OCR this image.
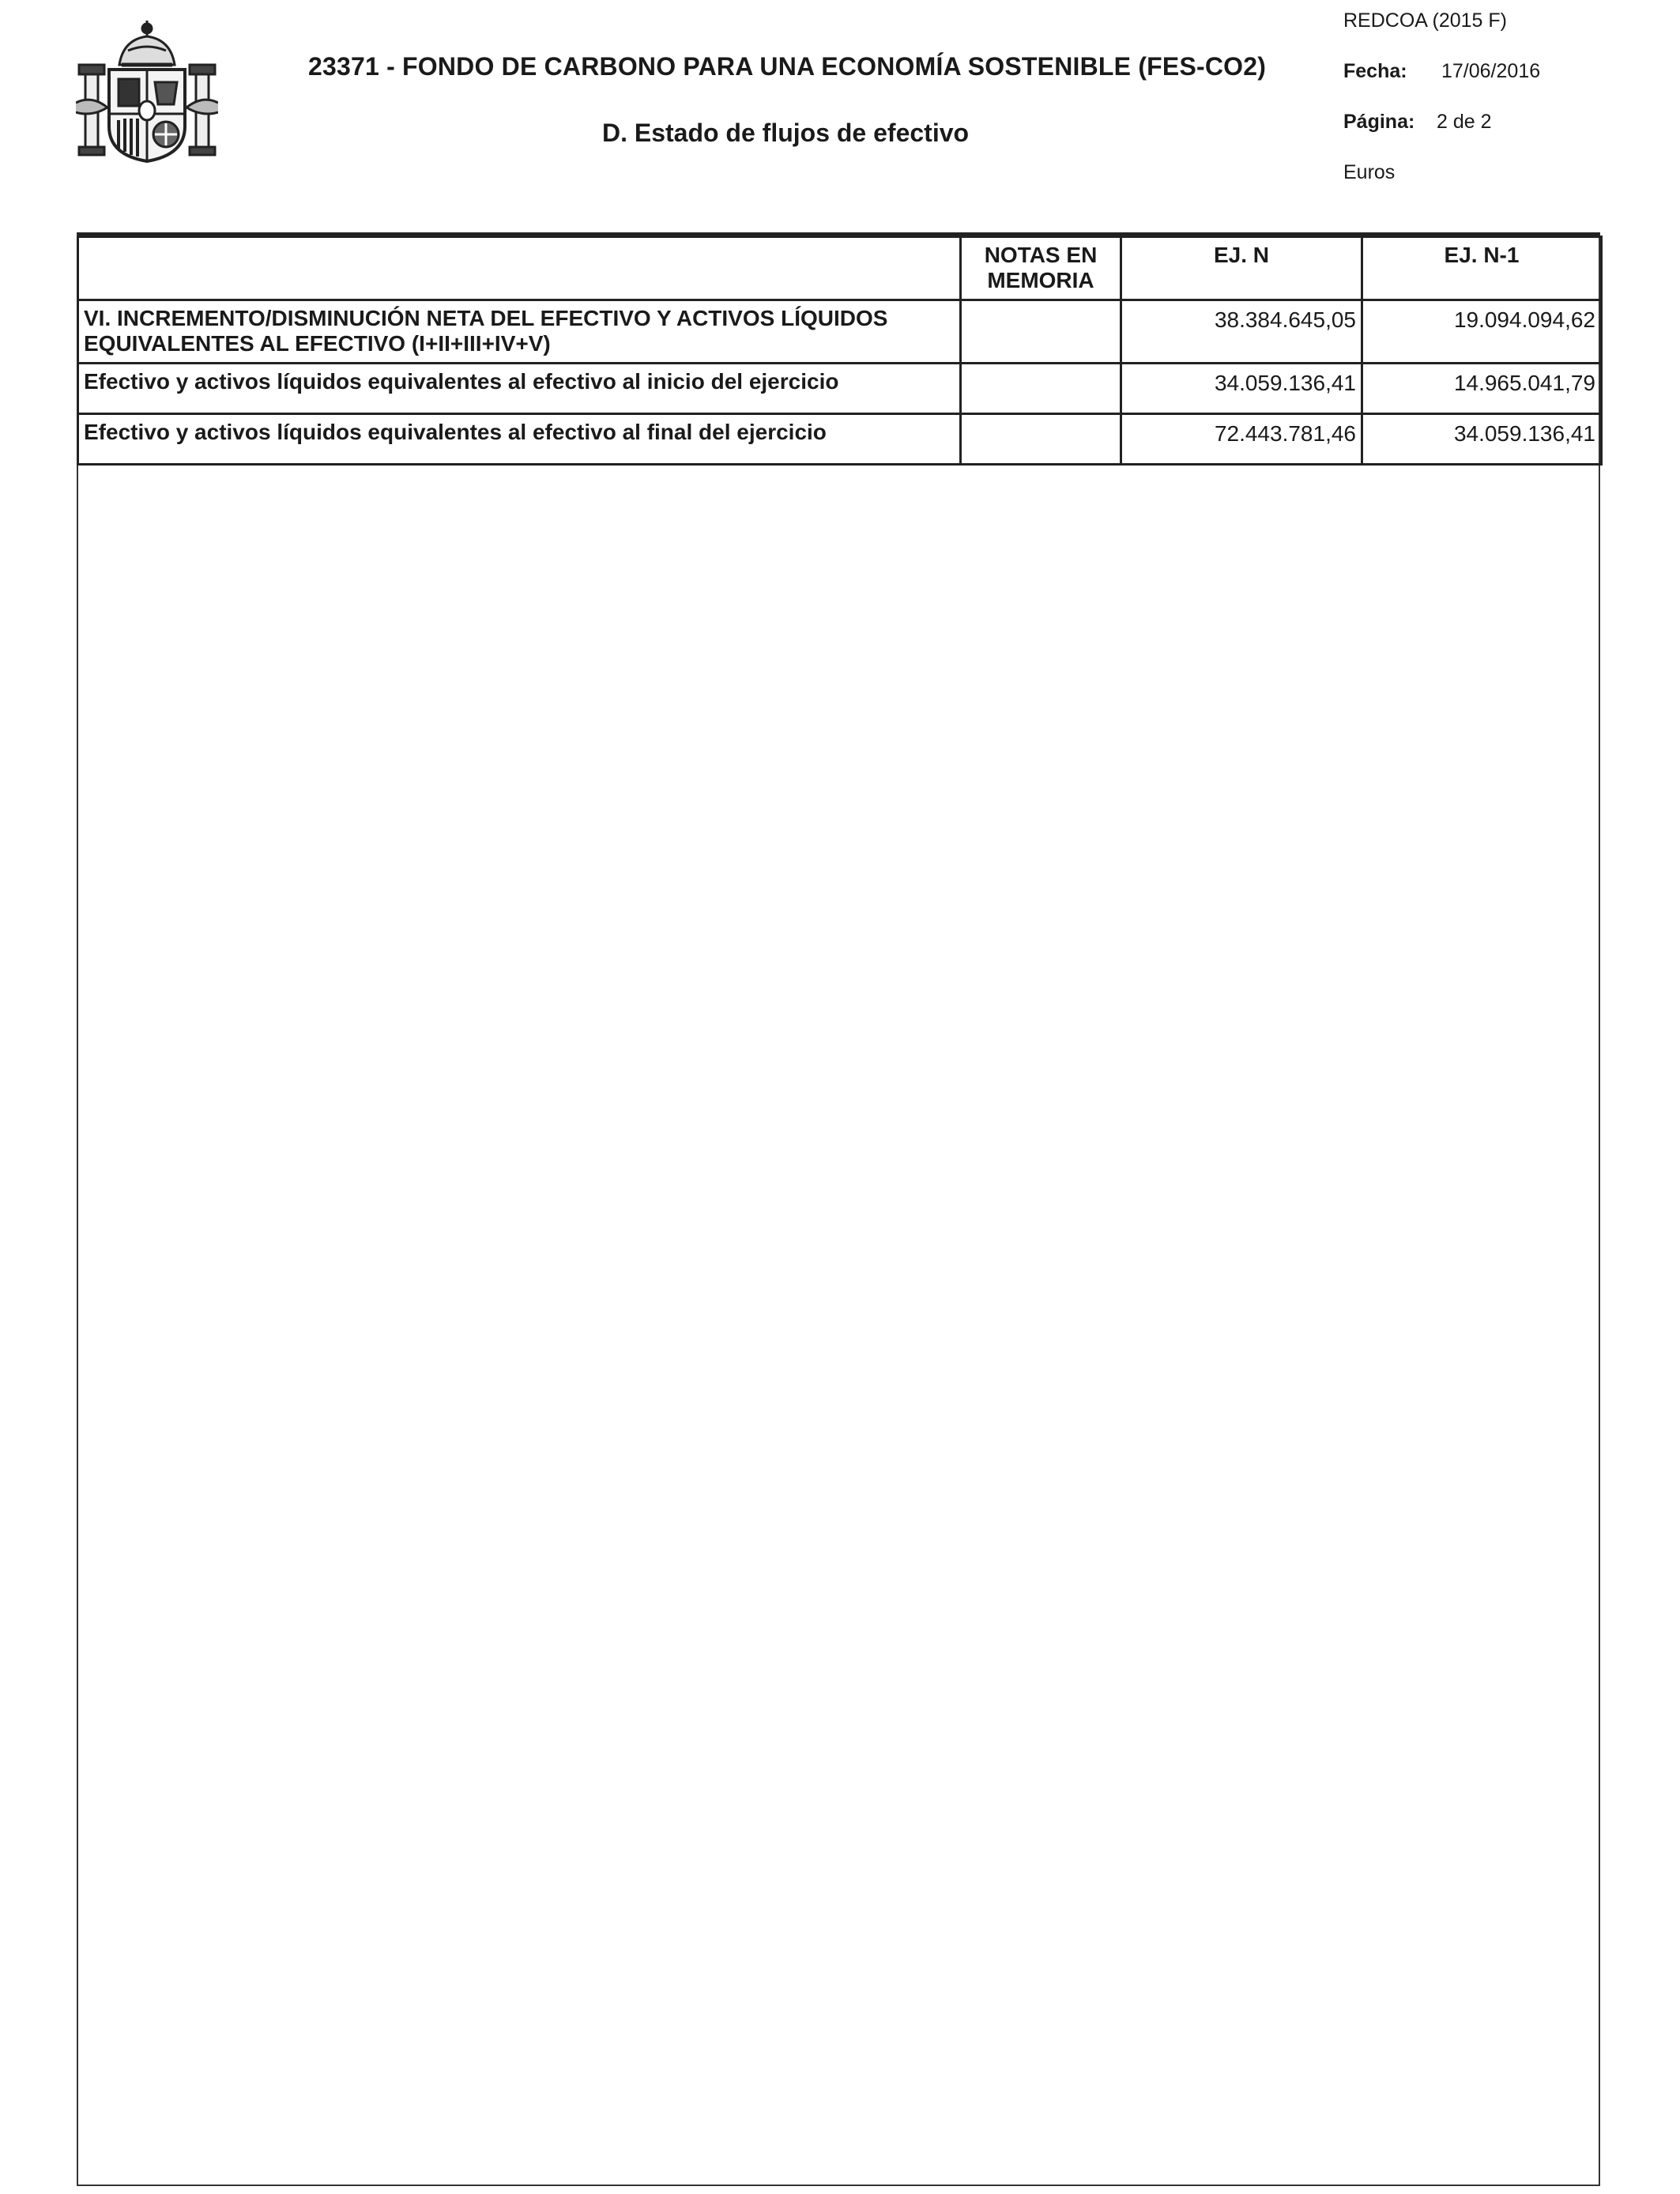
23371 - FONDO DE CARBONO PARA UNA ECONOMÍA SOSTENIBLE (FES-CO2)
D. Estado de flujos de efectivo
REDCOA (2015 F)
Fecha: 17/06/2016
Página: 2 de 2
Euros
	NOTAS EN MEMORIA	EJ. N	EJ. N-1
VI. INCREMENTO/DISMINUCIÓN NETA DEL EFECTIVO Y ACTIVOS LÍQUIDOS EQUIVALENTES AL EFECTIVO (I+II+III+IV+V)		38.384.645,05	19.094.094,62
Efectivo y activos líquidos equivalentes al efectivo al inicio del ejercicio		34.059.136,41	14.965.041,79
Efectivo y activos líquidos equivalentes al efectivo al final del ejercicio		72.443.781,46	34.059.136,41
